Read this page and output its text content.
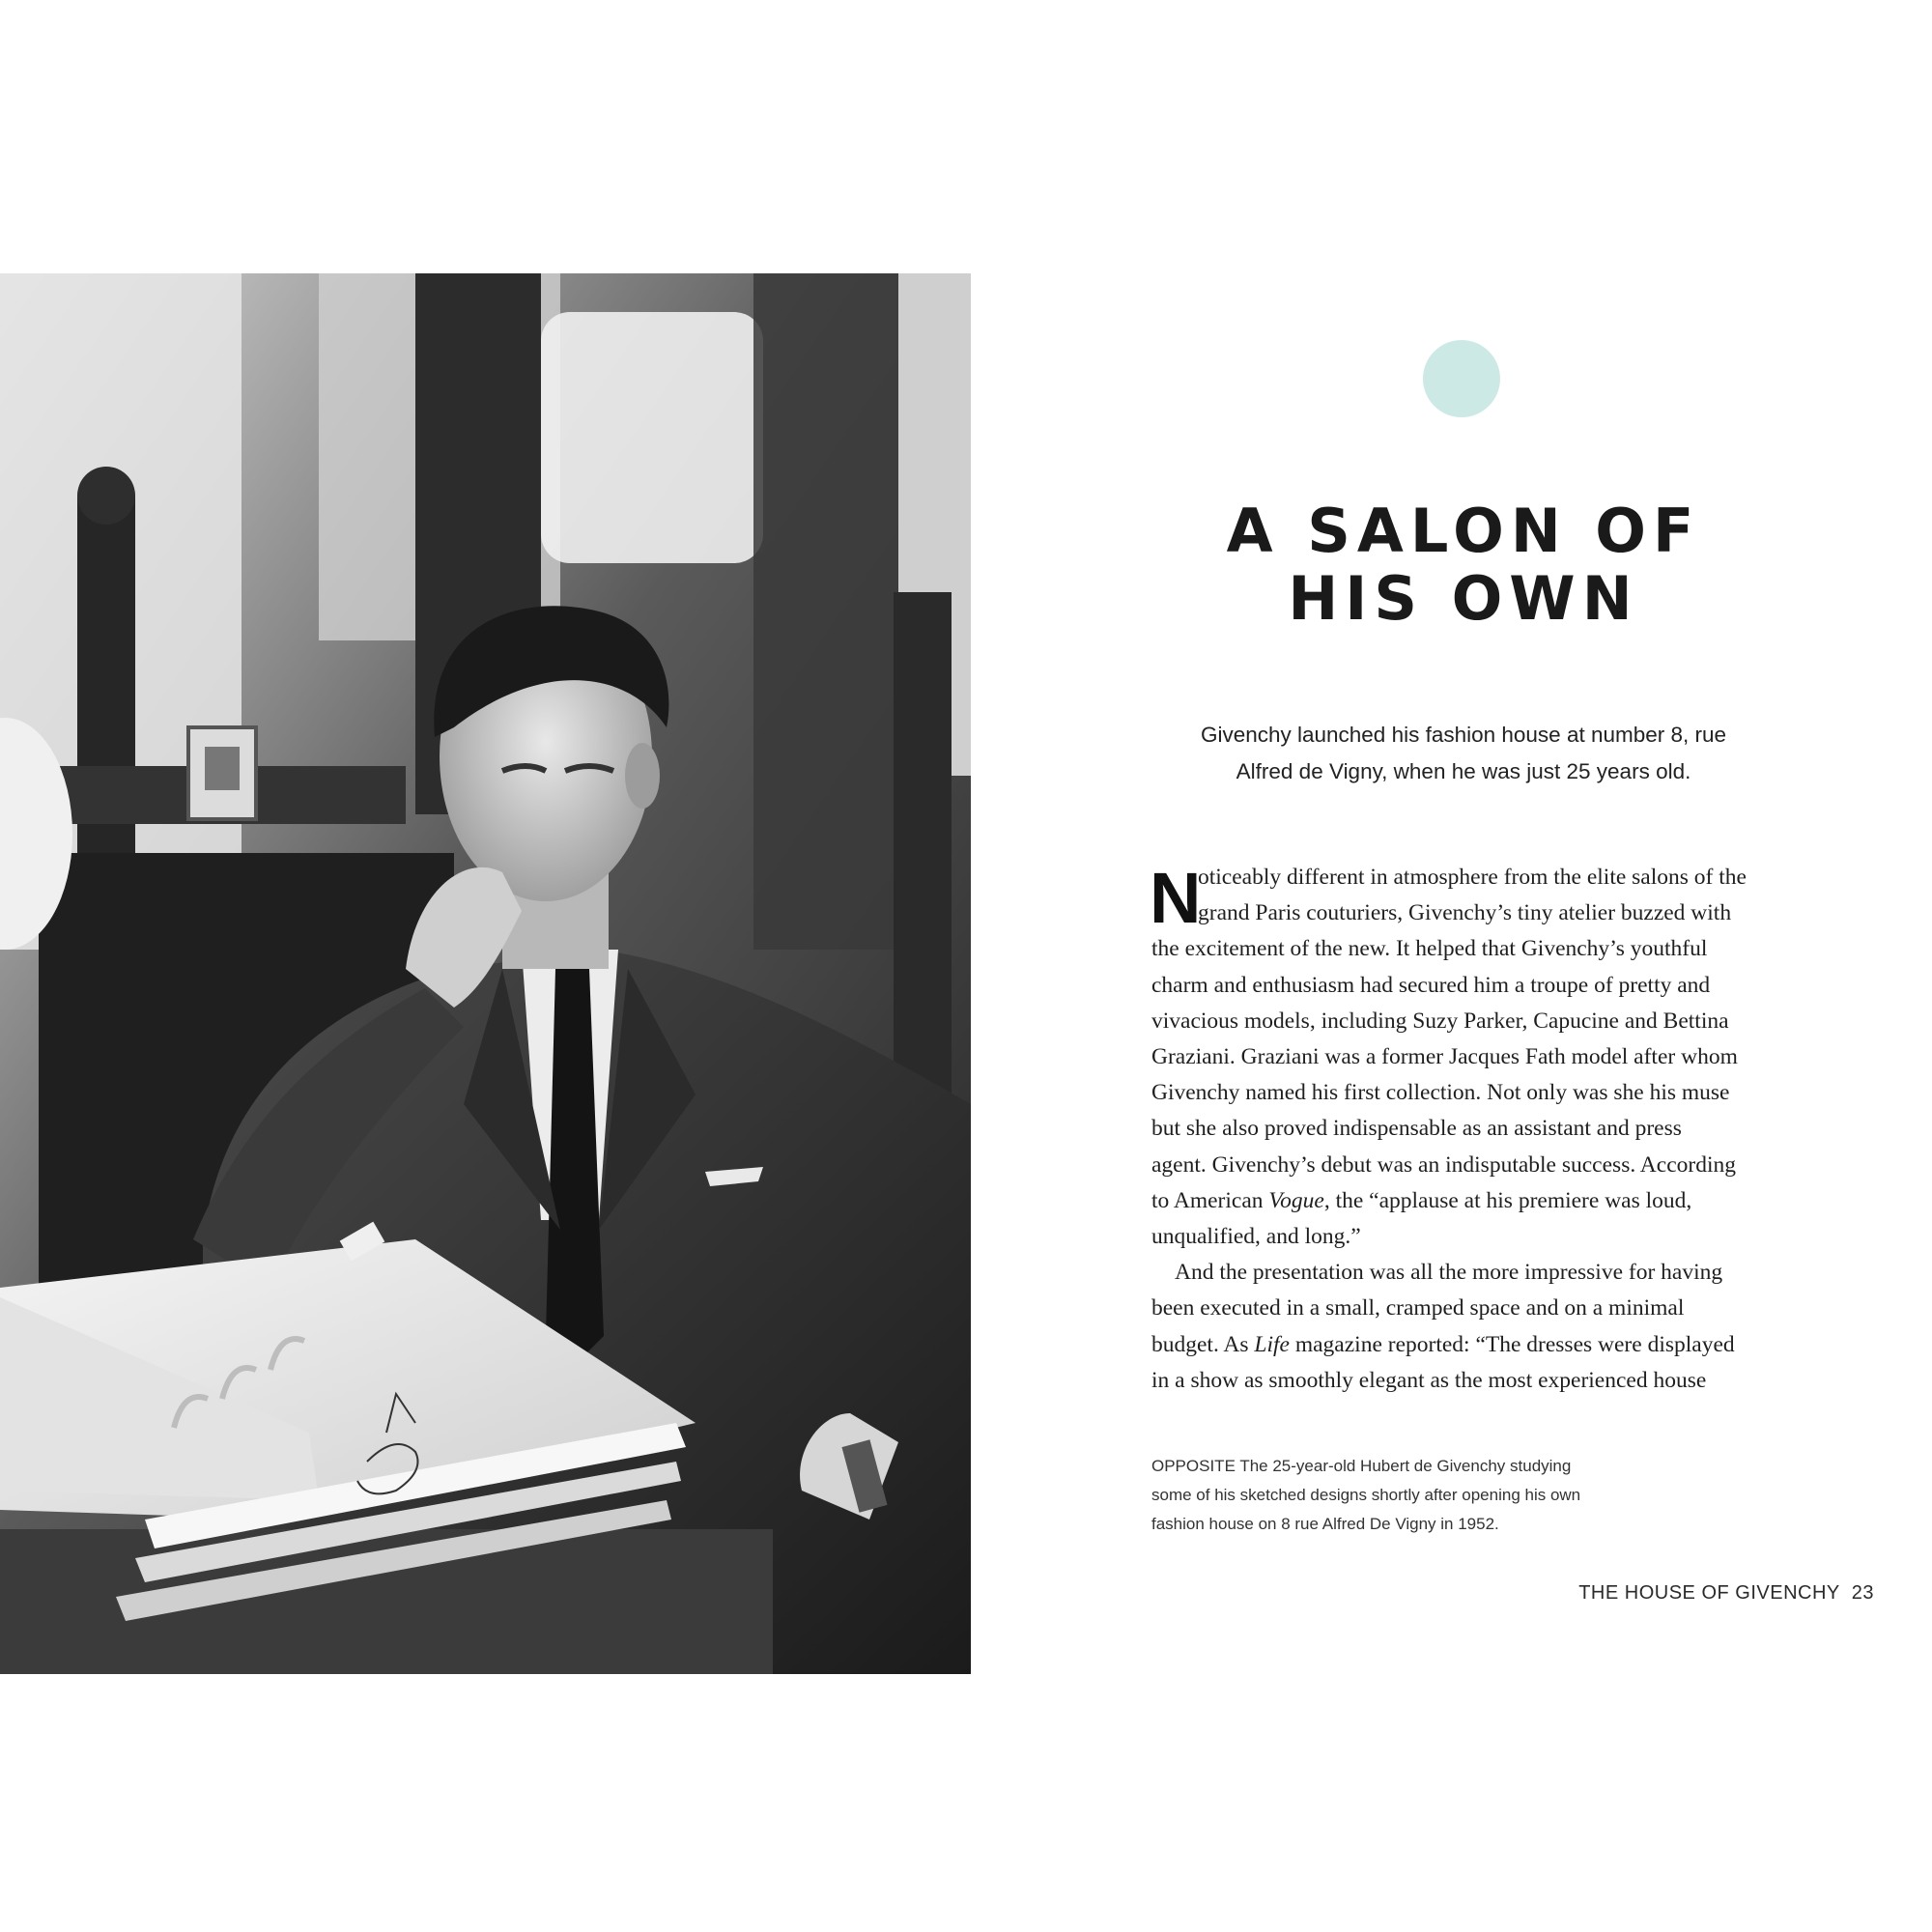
A SALON OF
HIS OWN

Givenchy launched his fashion house at number 8, rue
Alfred de Vigny, when he was just 25 years old.

N
oticeably different in atmosphere from the elite salons of the
grand Paris couturiers, Givenchy’s tiny atelier buzzed with
the excitement of the new. It helped that Givenchy’s youthful
charm and enthusiasm had secured him a troupe of pretty and
vivacious models, including Suzy Parker, Capucine and Bettina
Graziani. Graziani was a former Jacques Fath model after whom
Givenchy named his first collection. Not only was she his muse
but she also proved indispensable as an assistant and press
agent. Givenchy’s debut was an indisputable success. According
to American Vogue, the “applause at his premiere was loud,
unqualified, and long.”
And the presentation was all the more impressive for having
been executed in a small, cramped space and on a minimal
budget. As Life magazine reported: “The dresses were displayed
in a show as smoothly elegant as the most experienced house
OPPOSITE The 25-year-old Hubert de Givenchy studying
some of his sketched designs shortly after opening his own
fashion house on 8 rue Alfred De Vigny in 1952.
THE HOUSE OF GIVENCHY 23
